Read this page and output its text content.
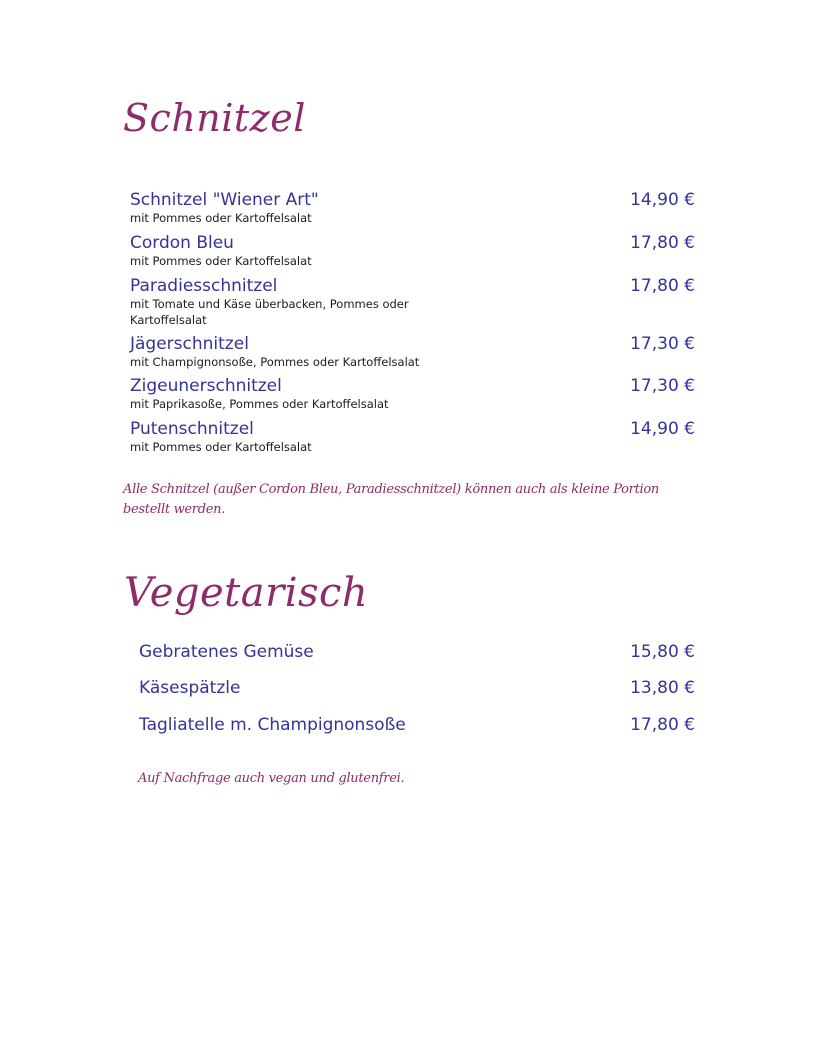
Schnitzel
Schnitzel "Wiener Art"
mit Pommes oder Kartoffelsalat
14,90 €
Cordon Bleu
mit Pommes oder Kartoffelsalat
17,80 €
Paradiesschnitzel
mit Tomate und Käse überbacken, Pommes oder Kartoffelsalat
17,80 €
Jägerschnitzel
mit Champignonsoße, Pommes oder Kartoffelsalat
17,30 €
Zigeunerschnitzel
mit Paprikasoße, Pommes oder Kartoffelsalat
17,30 €
Putenschnitzel
mit Pommes oder Kartoffelsalat
14,90 €
Alle Schnitzel (außer Cordon Bleu, Paradiesschnitzel) können auch als kleine Portion bestellt werden.
Vegetarisch
Gebratenes Gemüse	15,80 €
Käsespätzle	13,80 €
Tagliatelle m. Champignonsoße	17,80 €
Auf Nachfrage auch vegan und glutenfrei.
